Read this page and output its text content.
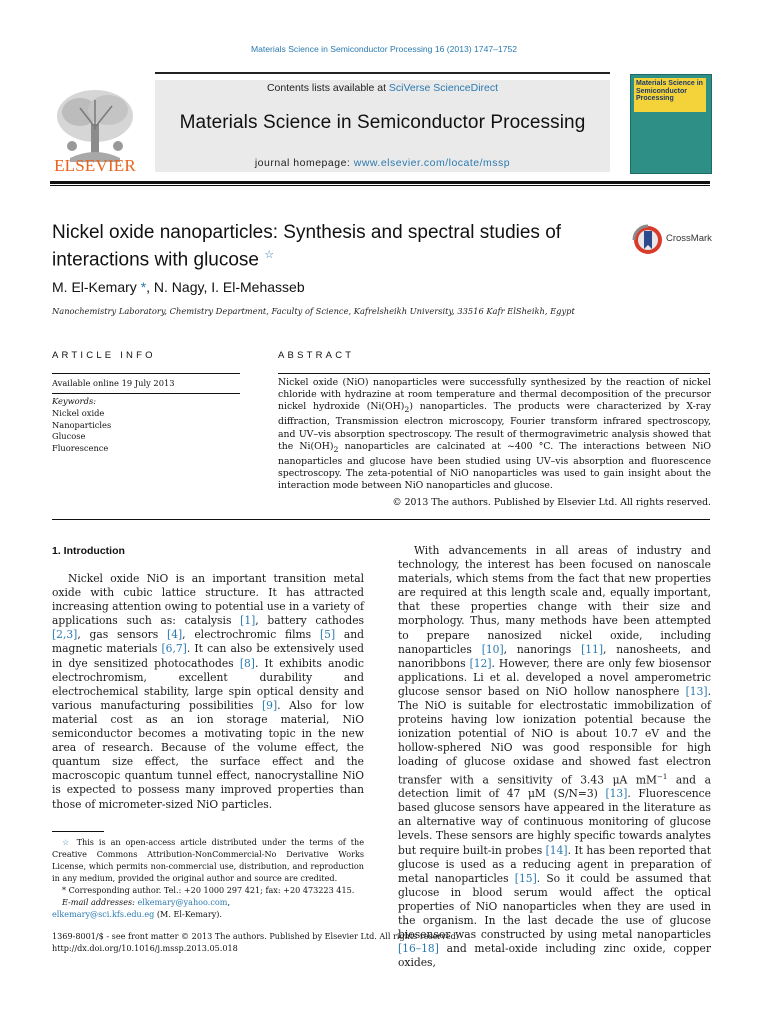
Materials Science in Semiconductor Processing 16 (2013) 1747–1752
ELSEVIER
Contents lists available at SciVerse ScienceDirect
Materials Science in Semiconductor Processing
journal homepage: www.elsevier.com/locate/mssp
Materials Science in Semiconductor Processing
Nickel oxide nanoparticles: Synthesis and spectral studies of interactions with glucose ☆
CrossMark
M. El-Kemary *, N. Nagy, I. El-Mehasseb
Nanochemistry Laboratory, Chemistry Department, Faculty of Science, Kafrelsheikh University, 33516 Kafr ElSheikh, Egypt
ARTICLE INFO	ABSTRACT
Available online 19 July 2013
Keywords:
Nickel oxide
Nanoparticles
Glucose
Fluorescence
Nickel oxide (NiO) nanoparticles were successfully synthesized by the reaction of nickel chloride with hydrazine at room temperature and thermal decomposition of the precursor nickel hydroxide $(Ni(OH)_2)$ nanoparticles. The products were characterized by X-ray diffraction, Transmission electron microscopy, Fourier transform infrared spectroscopy, and UV–vis absorption spectroscopy. The result of thermogravimetric analysis showed that the $Ni(OH)_2$ nanoparticles are calcinated at ~400 °C. The interactions between NiO nanoparticles and glucose have been studied using UV–vis absorption and fluorescence spectroscopy. The zeta-potential of NiO nanoparticles was used to gain insight about the interaction mode between NiO nanoparticles and glucose.
© 2013 The authors. Published by Elsevier Ltd. All rights reserved.
1. Introduction

Nickel oxide NiO is an important transition metal oxide with cubic lattice structure. It has attracted increasing attention owing to potential use in a variety of applications such as: catalysis [1], battery cathodes [2,3], gas sensors [4], electrochromic films [5] and magnetic materials [6,7]. It can also be extensively used in dye sensitized photocathodes [8]. It exhibits anodic electrochromism, excellent durability and electrochemical stability, large spin optical density and various manufacturing possibilities [9]. Also for low material cost as an ion storage material, NiO semiconductor becomes a motivating topic in the new area of research. Because of the volume effect, the quantum size effect, the surface effect and the macroscopic quantum tunnel effect, nanocrystalline NiO is expected to possess many improved properties than those of micrometer-sized NiO particles.

With advancements in all areas of industry and technology, the interest has been focused on nanoscale materials, which stems from the fact that new properties are required at this length scale and, equally important, that these properties change with their size and morphology. Thus, many methods have been attempted to prepare nanosized nickel oxide, including nanoparticles [10], nanorings [11], nanosheets, and nanoribbons [12]. However, there are only few biosensor applications. Li et al. developed a novel amperometric glucose sensor based on NiO hollow nanosphere [13]. The NiO is suitable for electrostatic immobilization of proteins having low ionization potential because the ionization potential of NiO is about 10.7 eV and the hollow-sphered NiO was good responsible for high loading of glucose oxidase and showed fast electron transfer with a sensitivity of 3.43 μA $mM^{-1}$ and a detection limit of 47 μM (S/N=3) [13]. Fluorescence based glucose sensors have appeared in the literature as an alternative way of continuous monitoring of glucose levels. These sensors are highly specific towards analytes but require built-in probes [14]. It has been reported that glucose is used as a reducing agent in preparation of metal nanoparticles [15]. So it could be assumed that glucose in blood serum would affect the optical properties of NiO nanoparticles when they are used in the organism. In the last decade the use of glucose biosensor was constructed by using metal nanoparticles [16–18] and metal-oxide including zinc oxide, copper oxides,

☆ This is an open-access article distributed under the terms of the Creative Commons Attribution-NonCommercial-No Derivative Works License, which permits non-commercial use, distribution, and reproduction in any medium, provided the original author and source are credited.

* Corresponding author. Tel.: +20 1000 297 421; fax: +20 473223 415.

E-mail addresses: elkemary@yahoo.com,

elkemary@sci.kfs.edu.eg (M. El-Kemary).
1369-8001/$ - see front matter © 2013 The authors. Published by Elsevier Ltd. All rights reserved.
http://dx.doi.org/10.1016/j.mssp.2013.05.018
